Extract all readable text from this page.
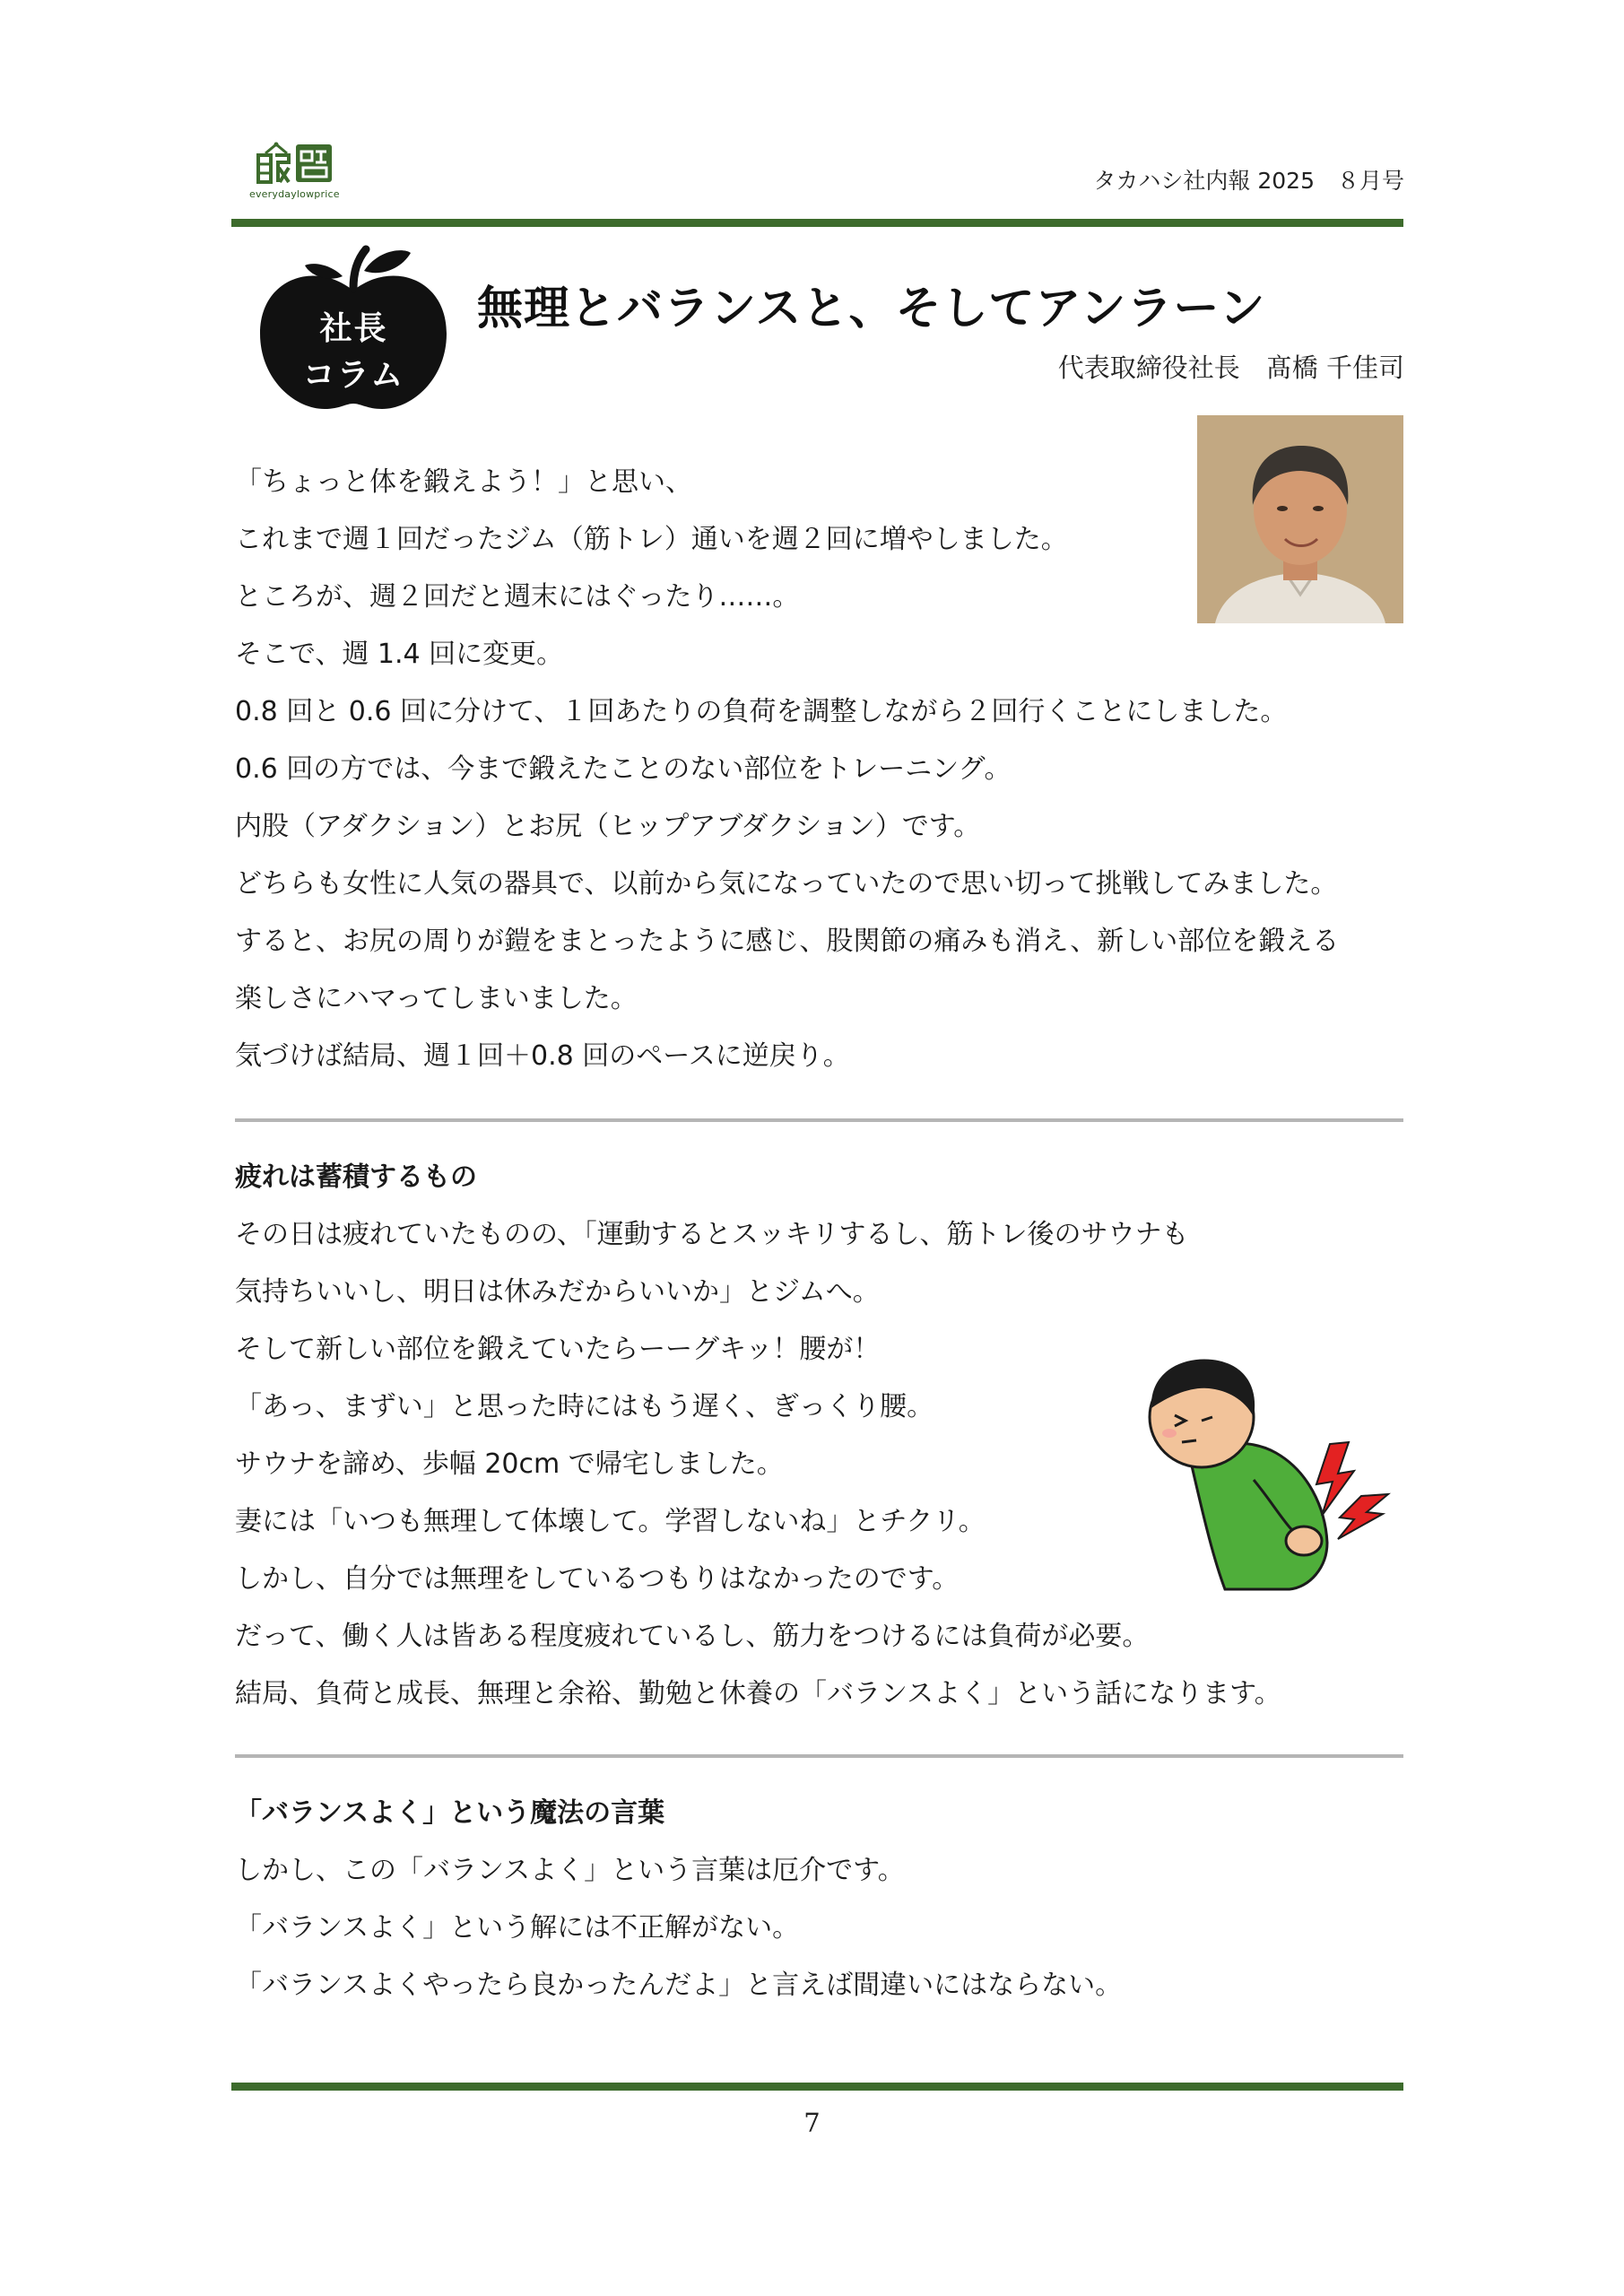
everydaylowprice
タカハシ社内報 2025　８月号
社長
コラム
無理とバランスと、そしてアンラーン
代表取締役社長　髙橋 千佳司
「ちょっと体を鍛えよう！」と思い、
これまで週１回だったジム（筋トレ）通いを週２回に増やしました。
ところが、週２回だと週末にはぐったり……。
そこで、週 1.4 回に変更。
0.8 回と 0.6 回に分けて、１回あたりの負荷を調整しながら２回行くことにしました。
0.6 回の方では、今まで鍛えたことのない部位をトレーニング。
内股（アダクション）とお尻（ヒップアブダクション）です。
どちらも女性に人気の器具で、以前から気になっていたので思い切って挑戦してみました。
すると、お尻の周りが鎧をまとったように感じ、股関節の痛みも消え、新しい部位を鍛える
楽しさにハマってしまいました。
気づけば結局、週１回＋0.8 回のペースに逆戻り。
疲れは蓄積するもの
その日は疲れていたものの、「運動するとスッキリするし、筋トレ後のサウナも
気持ちいいし、明日は休みだからいいか」とジムへ。
そして新しい部位を鍛えていたらーーグキッ！腰が！
「あっ、まずい」と思った時にはもう遅く、ぎっくり腰。
サウナを諦め、歩幅 20cm で帰宅しました。
妻には「いつも無理して体壊して。学習しないね」とチクリ。
しかし、自分では無理をしているつもりはなかったのです。
だって、働く人は皆ある程度疲れているし、筋力をつけるには負荷が必要。
結局、負荷と成長、無理と余裕、勤勉と休養の「バランスよく」という話になります。
「バランスよく」という魔法の言葉
しかし、この「バランスよく」という言葉は厄介です。
「バランスよく」という解には不正解がない。
「バランスよくやったら良かったんだよ」と言えば間違いにはならない。
7
